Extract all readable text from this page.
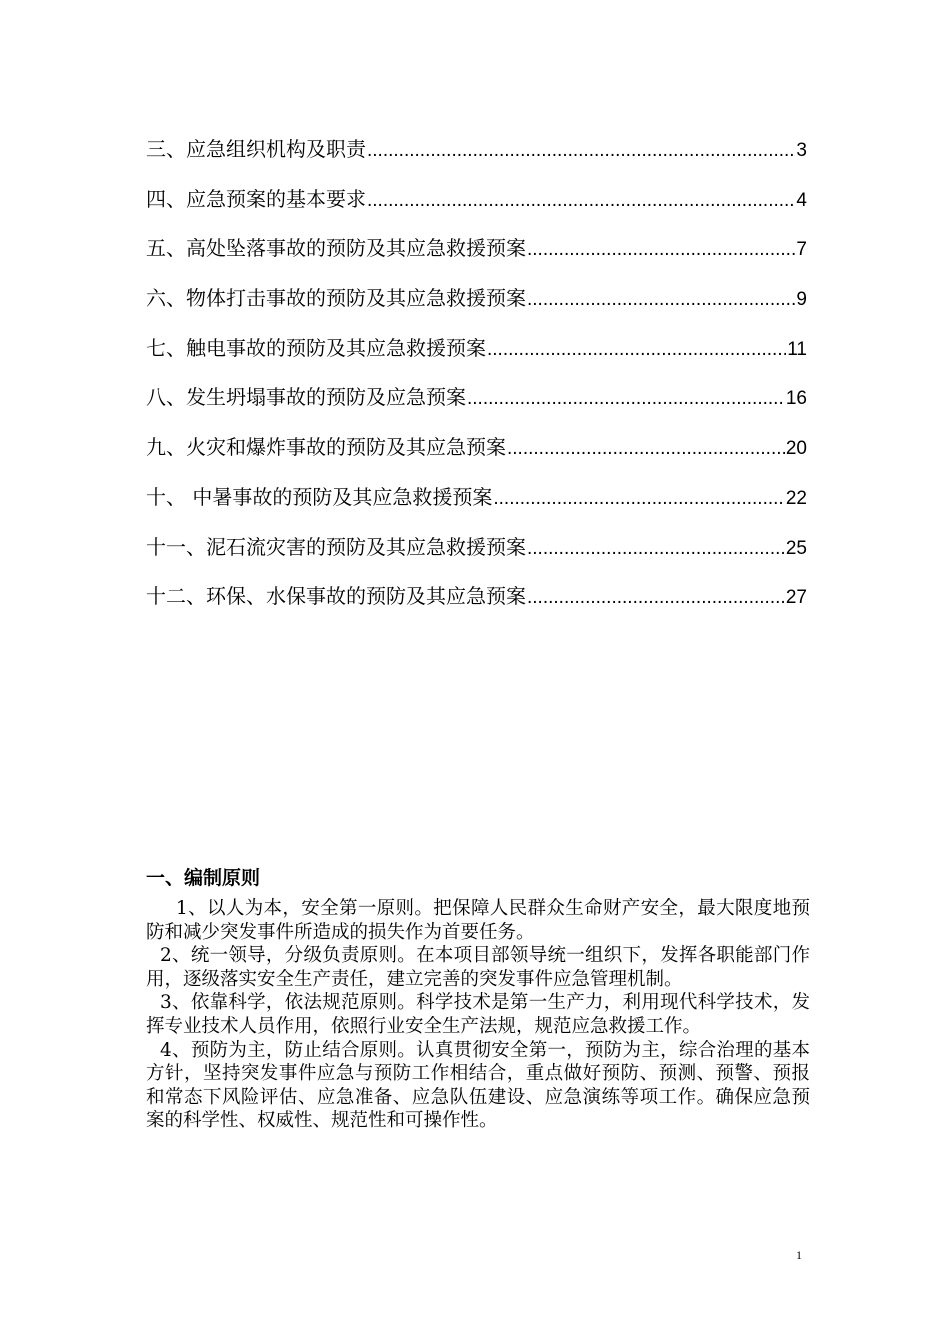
三、应急组织机构及职责 .....	3
四、应急预案的基本要求 .....	4
五、高处坠落事故的预防及其应急救援预案 .....	7
六、物体打击事故的预防及其应急救援预案 .....	9
七、触电事故的预防及其应急救援预案 .....	11
八、发生坍塌事故的预防及应急预案 .....	16
九、火灾和爆炸事故的预防及其应急预案 .....	20
十、 中暑事故的预防及其应急救援预案 .....	22
十一、泥石流灾害的预防及其应急救援预案 .....	25
十二、环保、水保事故的预防及其应急预案 .....	27
一、编制原则

1、以人为本，安全第一原则。把保障人民群众生命财产安全，最大限度地预防和减少突发事件所造成的损失作为首要任务。

2、统一领导，分级负责原则。在本项目部领导统一组织下，发挥各职能部门作用，逐级落实安全生产责任，建立完善的突发事件应急管理机制。

3、依靠科学，依法规范原则。科学技术是第一生产力，利用现代科学技术，发挥专业技术人员作用，依照行业安全生产法规，规范应急救援工作。

4、预防为主，防止结合原则。认真贯彻安全第一，预防为主，综合治理的基本方针，坚持突发事件应急与预防工作相结合，重点做好预防、预测、预警、预报和常态下风险评估、应急准备、应急队伍建设、应急演练等项工作。确保应急预案的科学性、权威性、规范性和可操作性。

1
